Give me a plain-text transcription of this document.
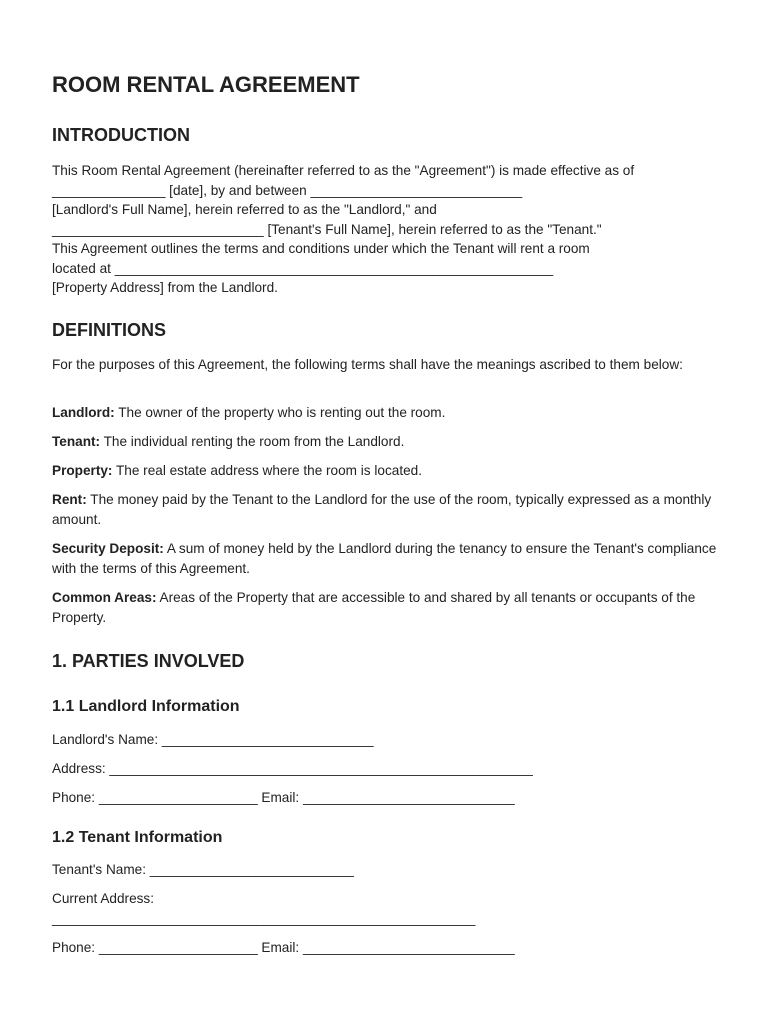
ROOM RENTAL AGREEMENT
INTRODUCTION
This Room Rental Agreement (hereinafter referred to as the "Agreement") is made effective as of
_______________ [date], by and between ____________________________
[Landlord's Full Name], herein referred to as the "Landlord," and
____________________________ [Tenant's Full Name], herein referred to as the "Tenant."
This Agreement outlines the terms and conditions under which the Tenant will rent a room
located at __________________________________________________________
[Property Address] from the Landlord.
DEFINITIONS

For the purposes of this Agreement, the following terms shall have the meanings ascribed to them below:

Landlord: The owner of the property who is renting out the room.

Tenant: The individual renting the room from the Landlord.

Property: The real estate address where the room is located.

Rent: The money paid by the Tenant to the Landlord for the use of the room, typically expressed as a monthly amount.

Security Deposit: A sum of money held by the Landlord during the tenancy to ensure the Tenant's compliance with the terms of this Agreement.

Common Areas: Areas of the Property that are accessible to and shared by all tenants or occupants of the Property.

1. PARTIES INVOLVED
1.1 Landlord Information

Landlord's Name: ____________________________

Address: ________________________________________________________

Phone: _____________________ Email: ____________________________

1.2 Tenant Information

Tenant's Name: ___________________________

Current Address:

________________________________________________________

Phone: _____________________ Email: ____________________________
